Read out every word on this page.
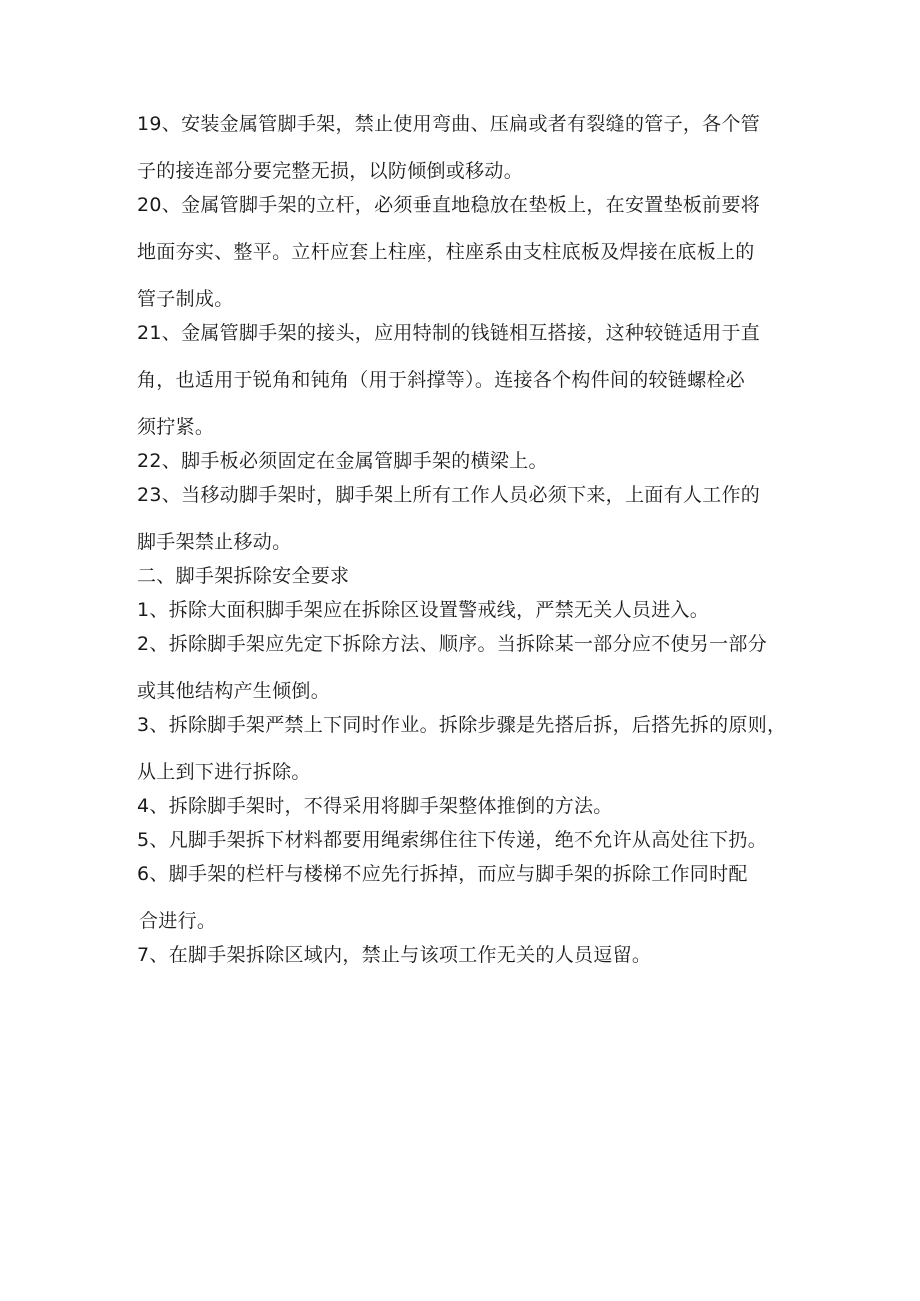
19、安装金属管脚手架，禁止使用弯曲、压扁或者有裂缝的管子，各个管
子的接连部分要完整无损，以防倾倒或移动。
20、金属管脚手架的立杆，必须垂直地稳放在垫板上，在安置垫板前要将
地面夯实、整平。立杆应套上柱座，柱座系由支柱底板及焊接在底板上的
管子制成。
21、金属管脚手架的接头，应用特制的钱链相互搭接，这种较链适用于直
角，也适用于锐角和钝角（用于斜撑等）。连接各个构件间的较链螺栓必
须拧紧。
22、脚手板必须固定在金属管脚手架的横梁上。
23、当移动脚手架时，脚手架上所有工作人员必须下来，上面有人工作的
脚手架禁止移动。
二、脚手架拆除安全要求
1、拆除大面积脚手架应在拆除区设置警戒线，严禁无关人员进入。
2、拆除脚手架应先定下拆除方法、顺序。当拆除某一部分应不使另一部分
或其他结构产生倾倒。
3、拆除脚手架严禁上下同时作业。拆除步骤是先搭后拆，后搭先拆的原则，
从上到下进行拆除。
4、拆除脚手架时，不得采用将脚手架整体推倒的方法。
5、凡脚手架拆下材料都要用绳索绑住往下传递，绝不允许从高处往下扔。
6、脚手架的栏杆与楼梯不应先行拆掉，而应与脚手架的拆除工作同时配
合进行。
7、在脚手架拆除区域内，禁止与该项工作无关的人员逗留。
